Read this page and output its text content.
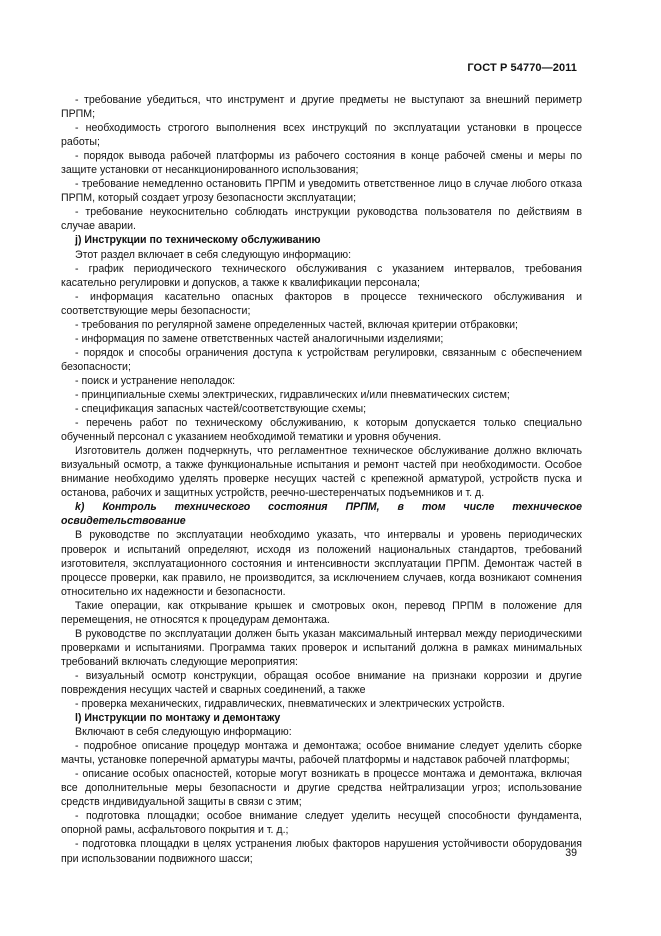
ГОСТ Р 54770—2011

- требование убедиться, что инструмент и другие предметы не выступают за внешний периметр ПРПМ;

- необходимость строгого выполнения всех инструкций по эксплуатации установки в процессе работы;

- порядок вывода рабочей платформы из рабочего состояния в конце рабочей смены и меры по защите установки от несанкционированного использования;

- требование немедленно остановить ПРПМ и уведомить ответственное лицо в случае любого отказа ПРПМ, который создает угрозу безопасности эксплуатации;

- требование неукоснительно соблюдать инструкции руководства пользователя по действиям в случае аварии.

j) Инструкции по техническому обслуживанию

Этот раздел включает в себя следующую информацию:

- график периодического технического обслуживания с указанием интервалов, требования касательно регулировки и допусков, а также к квалификации персонала;

- информация касательно опасных факторов в процессе технического обслуживания и соответствующие меры безопасности;

- требования по регулярной замене определенных частей, включая критерии отбраковки;

- информация по замене ответственных частей аналогичными изделиями;

- порядок и способы ограничения доступа к устройствам регулировки, связанным с обеспечением безопасности;

- поиск и устранение неполадок:

- принципиальные схемы электрических, гидравлических и/или пневматических систем;

- спецификация запасных частей/соответствующие схемы;

- перечень работ по техническому обслуживанию, к которым допускается только специально обученный персонал с указанием необходимой тематики и уровня обучения.

Изготовитель должен подчеркнуть, что регламентное техническое обслуживание должно включать визуальный осмотр, а также функциональные испытания и ремонт частей при необходимости. Особое внимание необходимо уделять проверке несущих частей с крепежной арматурой, устройств пуска и останова, рабочих и защитных устройств, реечно-шестеренчатых подъемников и т. д.

k) Контроль технического состояния ПРПМ, в том числе техническое освидетельствование

В руководстве по эксплуатации необходимо указать, что интервалы и уровень периодических проверок и испытаний определяют, исходя из положений национальных стандартов, требований изготовителя, эксплуатационного состояния и интенсивности эксплуатации ПРПМ. Демонтаж частей в процессе проверки, как правило, не производится, за исключением случаев, когда возникают сомнения относительно их надежности и безопасности.

Такие операции, как открывание крышек и смотровых окон, перевод ПРПМ в положение для перемещения, не относятся к процедурам демонтажа.

В руководстве по эксплуатации должен быть указан максимальный интервал между периодическими проверками и испытаниями. Программа таких проверок и испытаний должна в рамках минимальных требований включать следующие мероприятия:

- визуальный осмотр конструкции, обращая особое внимание на признаки коррозии и другие повреждения несущих частей и сварных соединений, а также

- проверка механических, гидравлических, пневматических и электрических устройств.

l) Инструкции по монтажу и демонтажу

Включают в себя следующую информацию:

- подробное описание процедур монтажа и демонтажа; особое внимание следует уделить сборке мачты, установке поперечной арматуры мачты, рабочей платформы и надставок рабочей платформы;

- описание особых опасностей, которые могут возникать в процессе монтажа и демонтажа, включая все дополнительные меры безопасности и другие средства нейтрализации угроз; использование средств индивидуальной защиты в связи с этим;

- подготовка площадки; особое внимание следует уделить несущей способности фундамента, опорной рамы, асфальтового покрытия и т. д.;

- подготовка площадки в целях устранения любых факторов нарушения устойчивости оборудования при использовании подвижного шасси;	39
